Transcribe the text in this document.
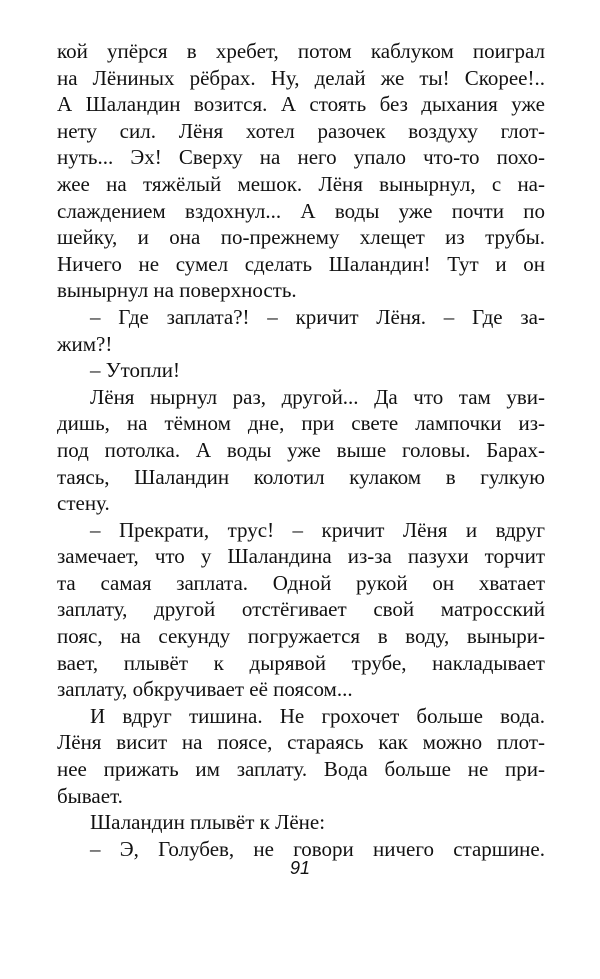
кой упёрся в хребет, потом каблуком поиграл
на Лёниных рёбрах. Ну, делай же ты! Скорее!..
А Шаландин возится. А стоять без дыхания уже
нету сил. Лёня хотел разочек воздуху глот-
нуть... Эх! Сверху на него упало что-то похо-
жее на тяжёлый мешок. Лёня вынырнул, с на-
слаждением вздохнул... А воды уже почти по
шейку, и она по-прежнему хлещет из трубы.
Ничего не сумел сделать Шаландин! Тут и он
вынырнул на поверхность.
– Где заплата?! – кричит Лёня. – Где за-
жим?!
– Утопли!
Лёня нырнул раз, другой... Да что там уви-
дишь, на тёмном дне, при свете лампочки из-
под потолка. А воды уже выше головы. Барах-
таясь, Шаландин колотил кулаком в гулкую
стену.
– Прекрати, трус! – кричит Лёня и вдруг
замечает, что у Шаландина из-за пазухи торчит
та самая заплата. Одной рукой он хватает
заплату, другой отстёгивает свой матросский
пояс, на секунду погружается в воду, выныри-
вает, плывёт к дырявой трубе, накладывает
заплату, обкручивает её поясом...
И вдруг тишина. Не грохочет больше вода.
Лёня висит на поясе, стараясь как можно плот-
нее прижать им заплату. Вода больше не при-
бывает.
Шаландин плывёт к Лёне:
– Э, Голубев, не говори ничего старшине.
91
